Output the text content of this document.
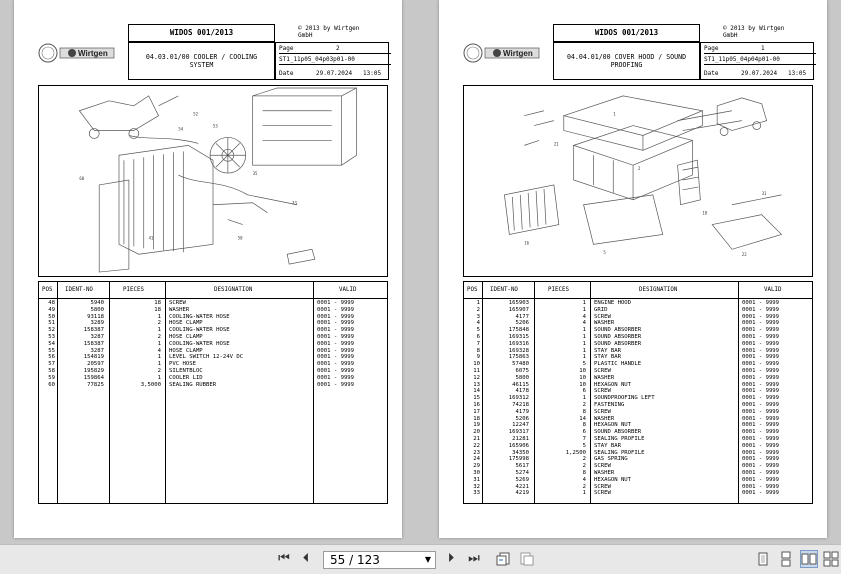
Wirtgen
WIDOS 001/2013	© 2013 by Wirtgen GmbH
04.03.01/00 COOLER / COOLING SYSTEM
Page	2
ST1_11p05_04p03p01-00
Date	29.07.2024 13:05
60
52
53
33
50
41
35
54
POS IDENT-NO	PIECES	DESIGNATION	VALID
48	5940	18 SCREW	0001 - 9999
49	5800	18 WASHER	0001 - 9999
50	93118	1 COOLING-WATER HOSE	0001 - 9999
51	3289	2 HOSE CLAMP	0001 - 9999
52	158387	1 COOLING-WATER HOSE	0001 - 9999
53	3287	2 HOSE CLAMP	0001 - 9999
54	158387	1 COOLING-WATER HOSE	0001 - 9999
55	3287	4 HOSE CLAMP	0001 - 9999
56	154819	1 LEVEL SWITCH 12-24V DC	0001 - 9999
57	20597	1 PVC HOSE	0001 - 9999
58	195829	2 SILENTBLOC	0001 - 9999
59	159864	1 COOLER LID	0001 - 9999
60	77825	3,5000 SEALING RUBBER	0001 - 9999
Wirtgen
WIDOS 001/2013	© 2013 by Wirtgen GmbH
04.04.01/00 COVER HOOD / SOUND PROOFING
Page	1
ST1_11p05_04p04p01-00
Date	29.07.2024 13:05
1
2
16
5	22
18
21
31
POS IDENT-NO	PIECES	DESIGNATION	VALID
1	165903	1 ENGINE HOOD	0001 - 9999
2	165907	1 GRID	0001 - 9999
3	4177	4 SCREW	0001 - 9999
4	5206	4 WASHER	0001 - 9999
5	175848	1 SOUND ABSORBER	0001 - 9999
6	169315	1 SOUND ABSORBER	0001 - 9999
7	169316	1 SOUND ABSORBER	0001 - 9999
8	169328	1 STAY BAR	0001 - 9999
9	175863	1 STAY BAR	0001 - 9999
10	57480	5 PLASTIC HANDLE	0001 - 9999
11	6075	10 SCREW	0001 - 9999
12	5800	10 WASHER	0001 - 9999
13	46115	10 HEXAGON NUT	0001 - 9999
14	4178	6 SCREW	0001 - 9999
15	169312	1 SOUNDPROOFING LEFT	0001 - 9999
16	74218	2 FASTENING	0001 - 9999
17	4179	8 SCREW	0001 - 9999
18	5206	14 WASHER	0001 - 9999
19	12247	8 HEXAGON NUT	0001 - 9999
20	169317	6 SOUND ABSORBER	0001 - 9999
21	21281	7 SEALING PROFILE	0001 - 9999
22	165906	5 STAY BAR	0001 - 9999
23	34350	1,2500 SEALING PROFILE	0001 - 9999
24	175998	2 GAS SPRING	0001 - 9999
29	5617	2 SCREW	0001 - 9999
30	5274	8 WASHER	0001 - 9999
31	5269	4 HEXAGON NUT	0001 - 9999
32	4221	2 SCREW	0001 - 9999
33	4219	1 SCREW	0001 - 9999
⏮ ⏴	55 / 123	▼	⏵	⏭
